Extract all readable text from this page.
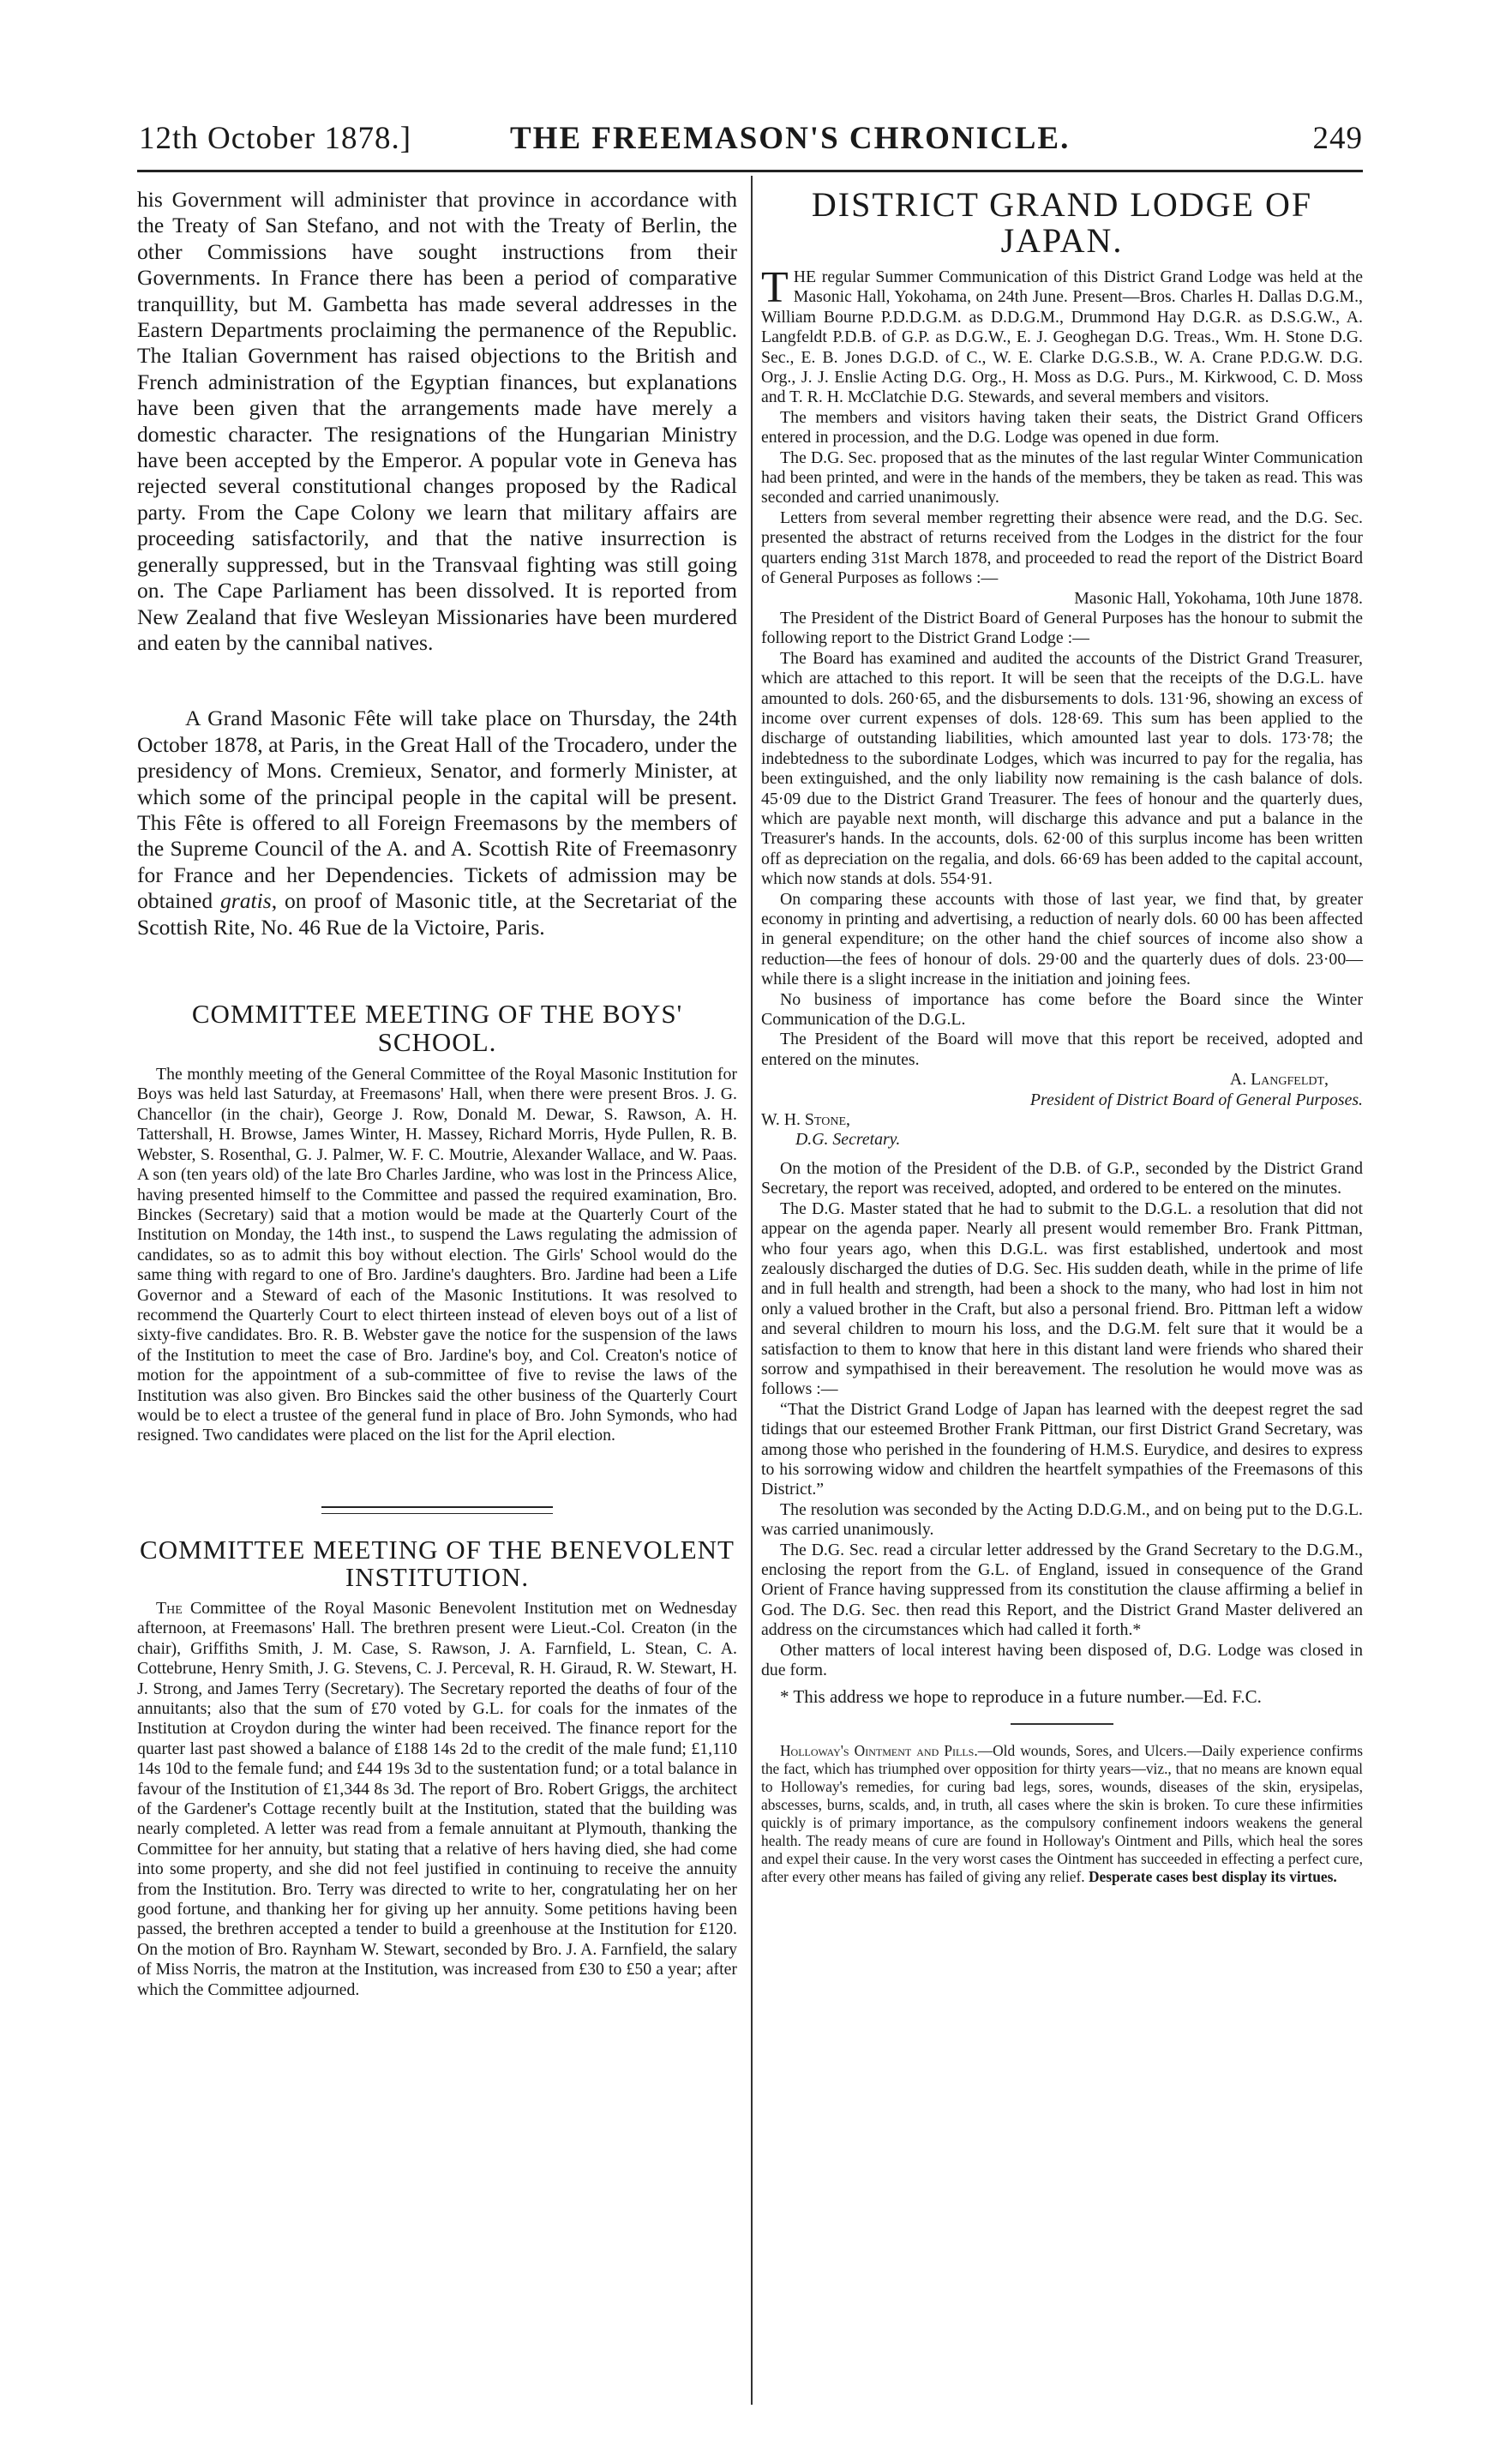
12th October 1878.]	THE FREEMASON'S CHRONICLE.	249

his Government will administer that province in accordance with the Treaty of San Stefano, and not with the Treaty of Berlin, the other Commissions have sought instructions from their Governments. In France there has been a period of comparative tranquillity, but M. Gambetta has made several addresses in the Eastern Departments proclaiming the permanence of the Republic. The Italian Government has raised objections to the British and French administration of the Egyptian finances, but explanations have been given that the arrangements made have merely a domestic character. The resignations of the Hungarian Ministry have been accepted by the Emperor. A popular vote in Geneva has rejected several constitutional changes proposed by the Radical party. From the Cape Colony we learn that military affairs are proceeding satisfactorily, and that the native insurrection is generally suppressed, but in the Transvaal fighting was still going on. The Cape Parliament has been dissolved. It is reported from New Zealand that five Wesleyan Missionaries have been murdered and eaten by the cannibal natives.

A Grand Masonic Fête will take place on Thursday, the 24th October 1878, at Paris, in the Great Hall of the Trocadero, under the presidency of Mons. Cremieux, Senator, and formerly Minister, at which some of the principal people in the capital will be present. This Fête is offered to all Foreign Freemasons by the members of the Supreme Council of the A. and A. Scottish Rite of Freemasonry for France and her Dependencies. Tickets of admission may be obtained gratis, on proof of Masonic title, at the Secretariat of the Scottish Rite, No. 46 Rue de la Victoire, Paris.

COMMITTEE MEETING OF THE BOYS' SCHOOL.

The monthly meeting of the General Committee of the Royal Masonic Institution for Boys was held last Saturday, at Freemasons' Hall, when there were present Bros. J. G. Chancellor (in the chair), George J. Row, Donald M. Dewar, S. Rawson, A. H. Tattershall, H. Browse, James Winter, H. Massey, Richard Morris, Hyde Pullen, R. B. Webster, S. Rosenthal, G. J. Palmer, W. F. C. Moutrie, Alexander Wallace, and W. Paas. A son (ten years old) of the late Bro Charles Jardine, who was lost in the Princess Alice, having presented himself to the Committee and passed the required examination, Bro. Binckes (Secretary) said that a motion would be made at the Quarterly Court of the Institution on Monday, the 14th inst., to suspend the Laws regulating the admission of candidates, so as to admit this boy without election. The Girls' School would do the same thing with regard to one of Bro. Jardine's daughters. Bro. Jardine had been a Life Governor and a Steward of each of the Masonic Institutions. It was resolved to recommend the Quarterly Court to elect thirteen instead of eleven boys out of a list of sixty-five candidates. Bro. R. B. Webster gave the notice for the suspension of the laws of the Institution to meet the case of Bro. Jardine's boy, and Col. Creaton's notice of motion for the appointment of a sub-committee of five to revise the laws of the Institution was also given. Bro Binckes said the other business of the Quarterly Court would be to elect a trustee of the general fund in place of Bro. John Symonds, who had resigned. Two candidates were placed on the list for the April election.

COMMITTEE MEETING OF THE BENEVOLENT INSTITUTION.

The Committee of the Royal Masonic Benevolent Institution met on Wednesday afternoon, at Freemasons' Hall. The brethren present were Lieut.-Col. Creaton (in the chair), Griffiths Smith, J. M. Case, S. Rawson, J. A. Farnfield, L. Stean, C. A. Cottebrune, Henry Smith, J. G. Stevens, C. J. Perceval, R. H. Giraud, R. W. Stewart, H. J. Strong, and James Terry (Secretary). The Secretary reported the deaths of four of the annuitants; also that the sum of £70 voted by G.L. for coals for the inmates of the Institution at Croydon during the winter had been received. The finance report for the quarter last past showed a balance of £188 14s 2d to the credit of the male fund; £1,110 14s 10d to the female fund; and £44 19s 3d to the sustentation fund; or a total balance in favour of the Institution of £1,344 8s 3d. The report of Bro. Robert Griggs, the architect of the Gardener's Cottage recently built at the Institution, stated that the building was nearly completed. A letter was read from a female annuitant at Plymouth, thanking the Committee for her annuity, but stating that a relative of hers having died, she had come into some property, and she did not feel justified in continuing to receive the annuity from the Institution. Bro. Terry was directed to write to her, congratulating her on her good fortune, and thanking her for giving up her annuity. Some petitions having been passed, the brethren accepted a tender to build a greenhouse at the Institution for £120. On the motion of Bro. Raynham W. Stewart, seconded by Bro. J. A. Farnfield, the salary of Miss Norris, the matron at the Institution, was increased from £30 to £50 a year; after which the Committee adjourned.

DISTRICT GRAND LODGE OF JAPAN.

THE regular Summer Communication of this District Grand Lodge was held at the Masonic Hall, Yokohama, on 24th June. Present—Bros. Charles H. Dallas D.G.M., William Bourne P.D.D.G.M. as D.D.G.M., Drummond Hay D.G.R. as D.S.G.W., A. Langfeldt P.D.B. of G.P. as D.G.W., E. J. Geoghegan D.G. Treas., Wm. H. Stone D.G. Sec., E. B. Jones D.G.D. of C., W. E. Clarke D.G.S.B., W. A. Crane P.D.G.W. D.G. Org., J. J. Enslie Acting D.G. Org., H. Moss as D.G. Purs., M. Kirkwood, C. D. Moss and T. R. H. McClatchie D.G. Stewards, and several members and visitors.

The members and visitors having taken their seats, the District Grand Officers entered in procession, and the D.G. Lodge was opened in due form.

The D.G. Sec. proposed that as the minutes of the last regular Winter Communication had been printed, and were in the hands of the members, they be taken as read. This was seconded and carried unanimously.

Letters from several member regretting their absence were read, and the D.G. Sec. presented the abstract of returns received from the Lodges in the district for the four quarters ending 31st March 1878, and proceeded to read the report of the District Board of General Purposes as follows :—

Masonic Hall, Yokohama, 10th June 1878.

The President of the District Board of General Purposes has the honour to submit the following report to the District Grand Lodge :—

The Board has examined and audited the accounts of the District Grand Treasurer, which are attached to this report. It will be seen that the receipts of the D.G.L. have amounted to dols. 260·65, and the disbursements to dols. 131·96, showing an excess of income over current expenses of dols. 128·69. This sum has been applied to the discharge of outstanding liabilities, which amounted last year to dols. 173·78; the indebtedness to the subordinate Lodges, which was incurred to pay for the regalia, has been extinguished, and the only liability now remaining is the cash balance of dols. 45·09 due to the District Grand Treasurer. The fees of honour and the quarterly dues, which are payable next month, will discharge this advance and put a balance in the Treasurer's hands. In the accounts, dols. 62·00 of this surplus income has been written off as depreciation on the regalia, and dols. 66·69 has been added to the capital account, which now stands at dols. 554·91.

On comparing these accounts with those of last year, we find that, by greater economy in printing and advertising, a reduction of nearly dols. 60 00 has been affected in general expenditure; on the other hand the chief sources of income also show a reduction—the fees of honour of dols. 29·00 and the quarterly dues of dols. 23·00—while there is a slight increase in the initiation and joining fees.

No business of importance has come before the Board since the Winter Communication of the D.G.L.

The President of the Board will move that this report be received, adopted and entered on the minutes.

A. Langfeldt,

President of District Board of General Purposes.

W. H. Stone,

D.G. Secretary.

On the motion of the President of the D.B. of G.P., seconded by the District Grand Secretary, the report was received, adopted, and ordered to be entered on the minutes.

The D.G. Master stated that he had to submit to the D.G.L. a resolution that did not appear on the agenda paper. Nearly all present would remember Bro. Frank Pittman, who four years ago, when this D.G.L. was first established, undertook and most zealously discharged the duties of D.G. Sec. His sudden death, while in the prime of life and in full health and strength, had been a shock to the many, who had lost in him not only a valued brother in the Craft, but also a personal friend. Bro. Pittman left a widow and several children to mourn his loss, and the D.G.M. felt sure that it would be a satisfaction to them to know that here in this distant land were friends who shared their sorrow and sympathised in their bereavement. The resolution he would move was as follows :—

“That the District Grand Lodge of Japan has learned with the deepest regret the sad tidings that our esteemed Brother Frank Pittman, our first District Grand Secretary, was among those who perished in the foundering of H.M.S. Eurydice, and desires to express to his sorrowing widow and children the heartfelt sympathies of the Freemasons of this District.”

The resolution was seconded by the Acting D.D.G.M., and on being put to the D.G.L. was carried unanimously.

The D.G. Sec. read a circular letter addressed by the Grand Secretary to the D.G.M., enclosing the report from the G.L. of England, issued in consequence of the Grand Orient of France having suppressed from its constitution the clause affirming a belief in God. The D.G. Sec. then read this Report, and the District Grand Master delivered an address on the circumstances which had called it forth.*

Other matters of local interest having been disposed of, D.G. Lodge was closed in due form.

* This address we hope to reproduce in a future number.—Ed. F.C.

Holloway's Ointment and Pills.—Old wounds, Sores, and Ulcers.—Daily experience confirms the fact, which has triumphed over opposition for thirty years—viz., that no means are known equal to Holloway's remedies, for curing bad legs, sores, wounds, diseases of the skin, erysipelas, abscesses, burns, scalds, and, in truth, all cases where the skin is broken. To cure these infirmities quickly is of primary importance, as the compulsory confinement indoors weakens the general health. The ready means of cure are found in Holloway's Ointment and Pills, which heal the sores and expel their cause. In the very worst cases the Ointment has succeeded in effecting a perfect cure, after every other means has failed of giving any relief. Desperate cases best display its virtues.
